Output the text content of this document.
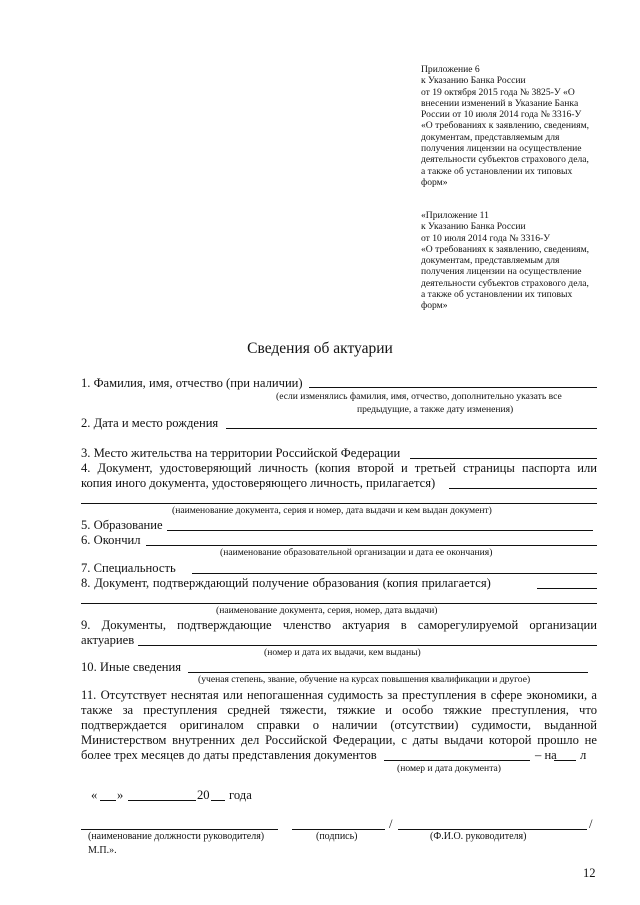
Приложение 6
к Указанию Банка России
от 19 октября 2015 года № 3825-У «О
внесении изменений в Указание Банка
России от 10 июля 2014 года № 3316-У
«О требованиях к заявлению, сведениям,
документам, представляемым для
получения лицензии на осуществление
деятельности субъектов страхового дела,
а также об установлении их типовых
форм»
«Приложение 11
к Указанию Банка России
от 10 июля 2014 года № 3316-У
«О требованиях к заявлению, сведениям,
документам, представляемым для
получения лицензии на осуществление
деятельности субъектов страхового дела,
а также об установлении их типовых
форм»
Сведения об актуарии
1. Фамилия, имя, отчество (при наличии)
(если изменялись фамилия, имя, отчество, дополнительно указать все
предыдущие, а также дату изменения)
2. Дата и место рождения
3. Место жительства на территории Российской Федерации
4. Документ, удостоверяющий личность (копия второй и третьей страницы паспорта или
копия иного документа, удостоверяющего личность, прилагается)
(наименование документа, серия и номер, дата выдачи и кем выдан документ)
5. Образование
6. Окончил
(наименование образовательной организации и дата ее окончания)
7. Специальность
8. Документ, подтверждающий получение образования (копия прилагается)
(наименование документа, серия, номер, дата выдачи)
9. Документы, подтверждающие членство актуария в саморегулируемой организации
актуариев
(номер и дата их выдачи, кем выданы)
10. Иные сведения
(ученая степень, звание, обучение на курсах повышения квалификации и другое)
11. Отсутствует неснятая или непогашенная судимость за преступления в сфере экономики, а
также за преступления средней тяжести, тяжкие и особо тяжкие преступления, что
подтверждается оригиналом справки о наличии (отсутствии) судимости, выданной
Министерством внутренних дел Российской Федерации, с даты выдачи которой прошло не
более трех месяцев до даты представления документов	– на л
(номер и дата документа)
« »	20 года
/	/
(наименование должности руководителя)	(подпись)	(Ф.И.О. руководителя)
М.П.».
12
